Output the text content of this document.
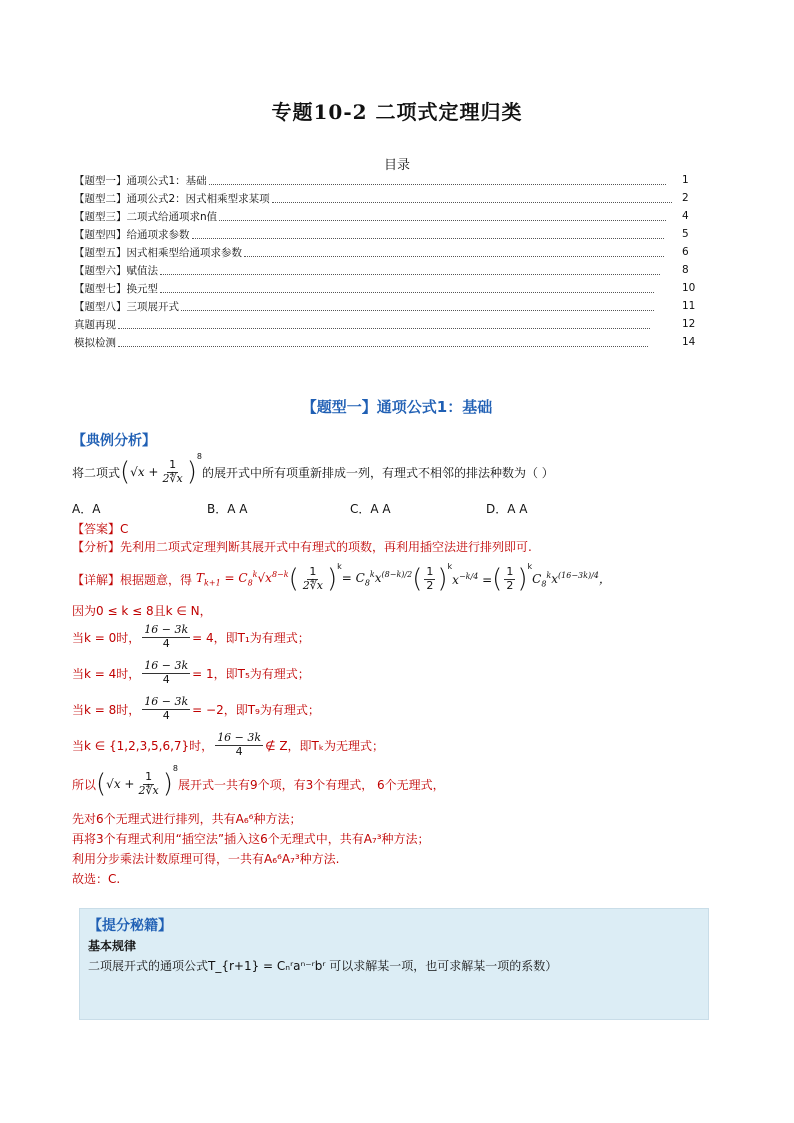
专题10-2 二项式定理归类
目录
【题型一】通项公式1：基础	1
【题型二】通项公式2：因式相乘型求某项	2
【题型三】二项式给通项求n值	4
【题型四】给通项求参数	5
【题型五】因式相乘型给通项求参数	6
【题型六】赋值法	8
【题型七】换元型	10
【题型八】三项展开式	11
真题再现	12
模拟检测	14
【题型一】通项公式1：基础
【典例分析】
将二项式 ( $√x + \frac{1}{2∜x}$ )
$^8$
的展开式中所有项重新排成一列，有理式不相邻的排法种数为（ ）
A．A	B．A A	C．A A	D．A A
【答案】C
【分析】先利用二项式定理判断其展开式中有理式的项数，再利用插空法进行排列即可.
【详解】 根据题意，得 $T_{k+1} = C_8^k√x^{8-k}$ ( $\frac{1}{2∜x} )^k$
= $C_8^kx^{(8-k)/2}$ ( $\frac{1}{2} )^k$
$x^{-k/4}$ = ( $\frac{1}{2} )^k$
$C_8^kx^{(16-3k)/4}$，
因为0 ≤ k ≤ 8且k ∈ N，
当k = 0时， $\frac{16 - 3k}{4} = 4$，即T₁为有理式；
当k = 4时， $\frac{16 - 3k}{4} = 1$，即T₅为有理式；
当k = 8时， $\frac{16 - 3k}{4} = -2$，即T₉为有理式；
当k ∈ {1,2,3,5,6,7}时， $\frac{16 - 3k}{4}$ ∉ Z，即Tₖ为无理式；
所以 ( $√x + \frac{1}{2∜x}$ )
$^8$
展开式一共有9个项，有3个有理式， 6个无理式，
先对6个无理式进行排列，共有A₆⁶种方法；
再将3个有理式利用“插空法”插入这6个无理式中，共有A₇³种方法；
利用分步乘法计数原理可得，一共有A₆⁶A₇³种方法.
故选：C.
【提分秘籍】
基本规律
二项展开式的通项公式T_{r+1} = Cₙʳaⁿ⁻ʳbʳ 可以求解某一项，也可求解某一项的系数）
